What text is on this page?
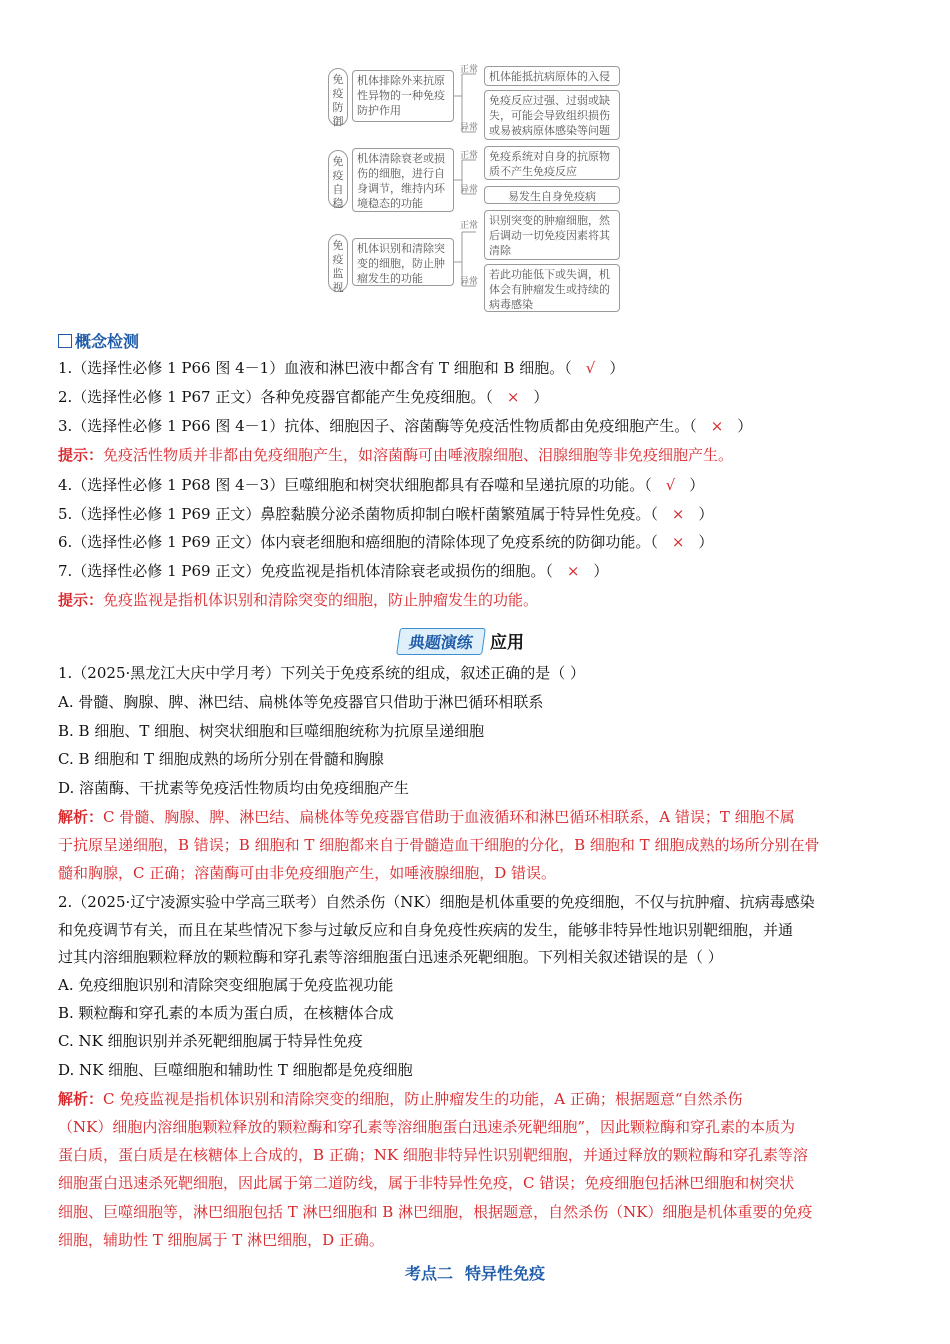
免疫防御
机体排除外来抗原性异物的一种免疫防护作用
正常
异常
机体能抵抗病原体的入侵
免疫反应过强、过弱或缺失，可能会导致组织损伤或易被病原体感染等问题
免疫自稳
机体清除衰老或损伤的细胞，进行自身调节，维持内环境稳态的功能
正常
异常
免疫系统对自身的抗原物质不产生免疫反应
易发生自身免疫病
免疫监视
机体识别和清除突变的细胞，防止肿瘤发生的功能
正常
异常
识别突变的肿瘤细胞，然后调动一切免疫因素将其清除
若此功能低下或失调，机体会有肿瘤发生或持续的病毒感染
概念检测
1.（选择性必修 1 P66 图 4－1）血液和淋巴液中都含有 T 细胞和 B 细胞。（ √ ）
2.（选择性必修 1 P67 正文）各种免疫器官都能产生免疫细胞。（ × ）
3.（选择性必修 1 P66 图 4－1）抗体、细胞因子、溶菌酶等免疫活性物质都由免疫细胞产生。（ × ）
提示：免疫活性物质并非都由免疫细胞产生，如溶菌酶可由唾液腺细胞、泪腺细胞等非免疫细胞产生。
4.（选择性必修 1 P68 图 4－3）巨噬细胞和树突状细胞都具有吞噬和呈递抗原的功能。（ √ ）
5.（选择性必修 1 P69 正文）鼻腔黏膜分泌杀菌物质抑制白喉杆菌繁殖属于特异性免疫。（ × ）
6.（选择性必修 1 P69 正文）体内衰老细胞和癌细胞的清除体现了免疫系统的防御功能。（ × ）
7.（选择性必修 1 P69 正文）免疫监视是指机体清除衰老或损伤的细胞。（ × ）
提示：免疫监视是指机体识别和清除突变的细胞，防止肿瘤发生的功能。
典题演练 应用
1.（2025·黑龙江大庆中学月考）下列关于免疫系统的组成，叙述正确的是（ ）
A. 骨髓、胸腺、脾、淋巴结、扁桃体等免疫器官只借助于淋巴循环相联系
B. B 细胞、T 细胞、树突状细胞和巨噬细胞统称为抗原呈递细胞
C. B 细胞和 T 细胞成熟的场所分别在骨髓和胸腺
D. 溶菌酶、干扰素等免疫活性物质均由免疫细胞产生
解析：C 骨髓、胸腺、脾、淋巴结、扁桃体等免疫器官借助于血液循环和淋巴循环相联系，A 错误；T 细胞不属
于抗原呈递细胞，B 错误；B 细胞和 T 细胞都来自于骨髓造血干细胞的分化，B 细胞和 T 细胞成熟的场所分别在骨
髓和胸腺，C 正确；溶菌酶可由非免疫细胞产生，如唾液腺细胞，D 错误。
2.（2025·辽宁凌源实验中学高三联考）自然杀伤（NK）细胞是机体重要的免疫细胞，不仅与抗肿瘤、抗病毒感染
和免疫调节有关，而且在某些情况下参与过敏反应和自身免疫性疾病的发生，能够非特异性地识别靶细胞，并通
过其内溶细胞颗粒释放的颗粒酶和穿孔素等溶细胞蛋白迅速杀死靶细胞。下列相关叙述错误的是（ ）
A. 免疫细胞识别和清除突变细胞属于免疫监视功能
B. 颗粒酶和穿孔素的本质为蛋白质，在核糖体合成
C. NK 细胞识别并杀死靶细胞属于特异性免疫
D. NK 细胞、巨噬细胞和辅助性 T 细胞都是免疫细胞
解析：C 免疫监视是指机体识别和清除突变的细胞，防止肿瘤发生的功能，A 正确；根据题意“自然杀伤
（NK）细胞内溶细胞颗粒释放的颗粒酶和穿孔素等溶细胞蛋白迅速杀死靶细胞”，因此颗粒酶和穿孔素的本质为
蛋白质，蛋白质是在核糖体上合成的，B 正确；NK 细胞非特异性识别靶细胞，并通过释放的颗粒酶和穿孔素等溶
细胞蛋白迅速杀死靶细胞，因此属于第二道防线，属于非特异性免疫，C 错误；免疫细胞包括淋巴细胞和树突状
细胞、巨噬细胞等，淋巴细胞包括 T 淋巴细胞和 B 淋巴细胞，根据题意，自然杀伤（NK）细胞是机体重要的免疫
细胞，辅助性 T 细胞属于 T 淋巴细胞，D 正确。
考点二 特异性免疫
